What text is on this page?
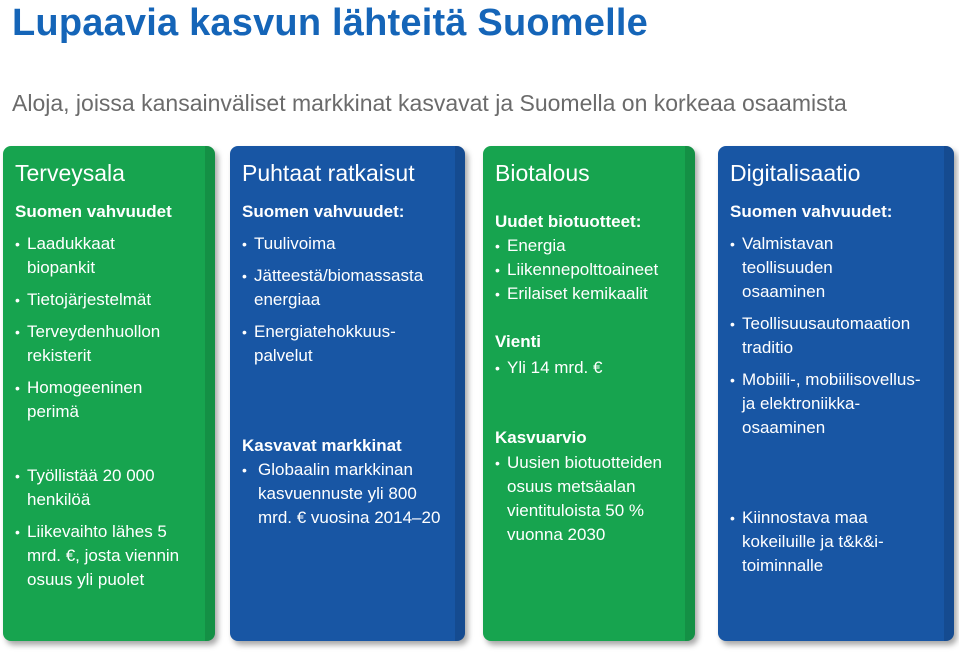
Lupaavia kasvun lähteitä Suomelle
Aloja, joissa kansainväliset markkinat kasvavat ja Suomella on korkeaa osaamista
Terveysala
Suomen vahvuudet
• Laadukkaat biopankit
• Tietojärjestelmät
• Terveydenhuollon rekisterit
• Homogeeninen perimä
• Työllistää 20 000 henkilöä
• Liikevaihto lähes 5 mrd. €, josta viennin osuus yli puolet
Puhtaat ratkaisut
Suomen vahvuudet:
• Tuulivoima
• Jätteestä/biomassasta energiaa
• Energiatehokkuus-palvelut
Kasvavat markkinat
• Globaalin markkinan kasvuennuste yli 800 mrd. € vuosina 2014–20
Biotalous
Uudet biotuotteet:
• Energia
• Liikennepolttoaineet
• Erilaiset kemikaalit
Vienti
• Yli 14 mrd. €
Kasvuarvio
• Uusien biotuotteiden osuus metsäalan vientituloista 50 % vuonna 2030
Digitalisaatio
Suomen vahvuudet:
• Valmistavan teollisuuden osaaminen
• Teollisuusautomaation traditio
• Mobiili-, mobiilisovellus- ja elektroniikka-osaaminen
• Kiinnostava maa kokeiluille ja t&k&i-toiminnalle
